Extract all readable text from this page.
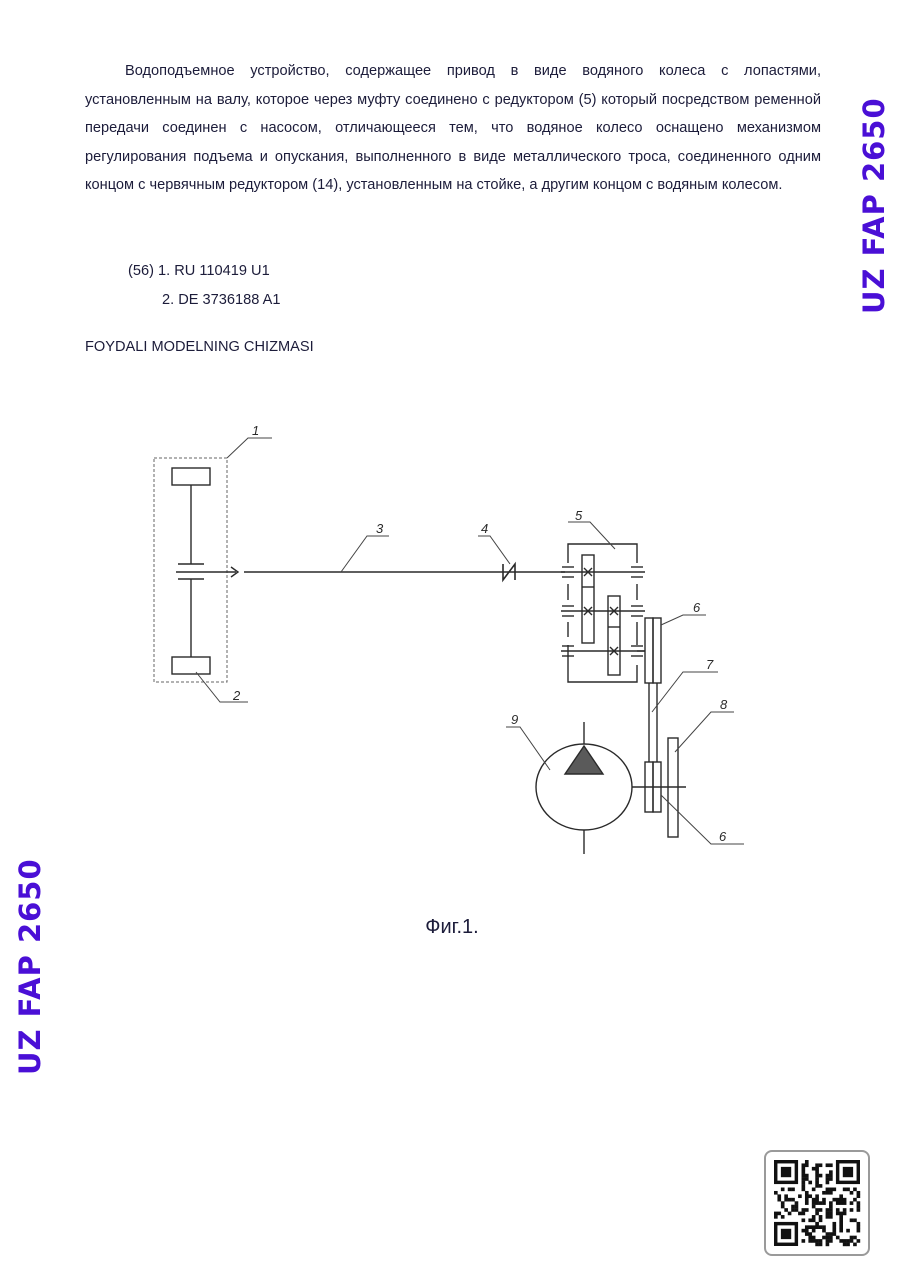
Водоподъемное устройство, содержащее привод в виде водяного колеса с лопастями, установленным на валу, которое через муфту соединено с редуктором (5) который посредством ременной передачи соединен с насосом, отличающееся тем, что водяное колесо оснащено механизмом регулирования подъема и опускания, выполненного в виде металлического троса, соединенного одним концом с червячным редуктором (14), установленным на стойке, а другим концом с водяным колесом.

(56) 1. RU 110419 U1
2. DE 3736188 A1
FOYDALI MODELNING CHIZMASI
UZ FAP 2650
UZ FAP 2650
1
2
3	4
5
6
7
8
9
6
Фиг.1.
